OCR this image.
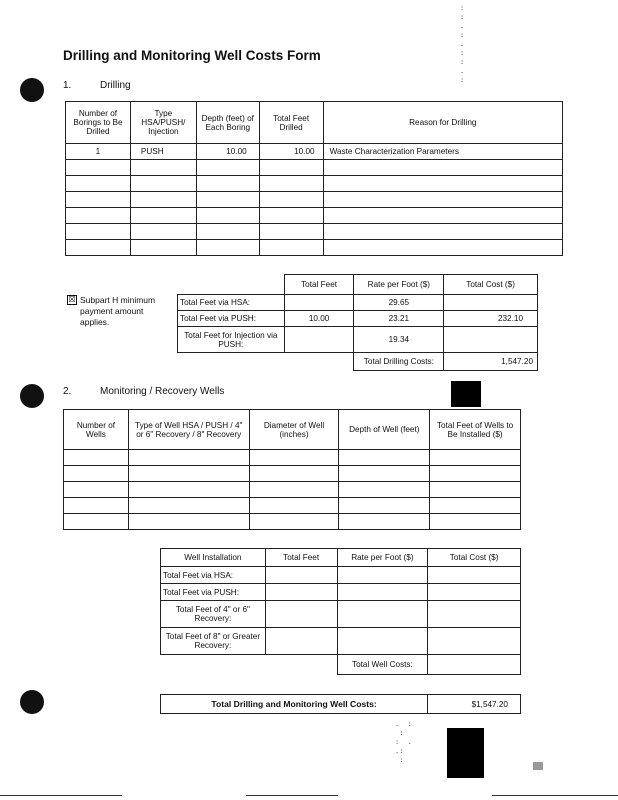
:
:
.
:
.
:
:
.
:
.  :
:
:  .
.:
:
Drilling and Monitoring Well Costs Form
1.	Drilling
Number of Borings to Be Drilled	Type HSA/PUSH/ Injection	Depth (feet) of Each Boring	Total Feet Drilled	Reason for Drilling
1	PUSH	10.00	10.00	Waste Characterization Parameters

☒ Subpart H minimum payment amount applies.
	Total Feet	Rate per Foot ($)	Total Cost ($)
Total Feet via HSA:		29.65	
Total Feet via PUSH:	10.00	23.21	232.10
Total Feet for Injection via PUSH:		19.34	
		Total Drilling Costs:	1,547.20
2.	Monitoring / Recovery Wells
Number of Wells	Type of Well HSA / PUSH / 4" or 6" Recovery / 8" Recovery	Diameter of Well (inches)	Depth of Well (feet)	Total Feet of Wells to Be Installed ($)

Well Installation	Total Feet	Rate per Foot ($)	Total Cost ($)
Total Feet via HSA:			
Total Feet via PUSH:			
Total Feet of 4" or 6" Recovery:			
Total Feet of 8" or Greater Recovery:			
		Total Well Costs:	
Total Drilling and Monitoring Well Costs:	$1,547.20
